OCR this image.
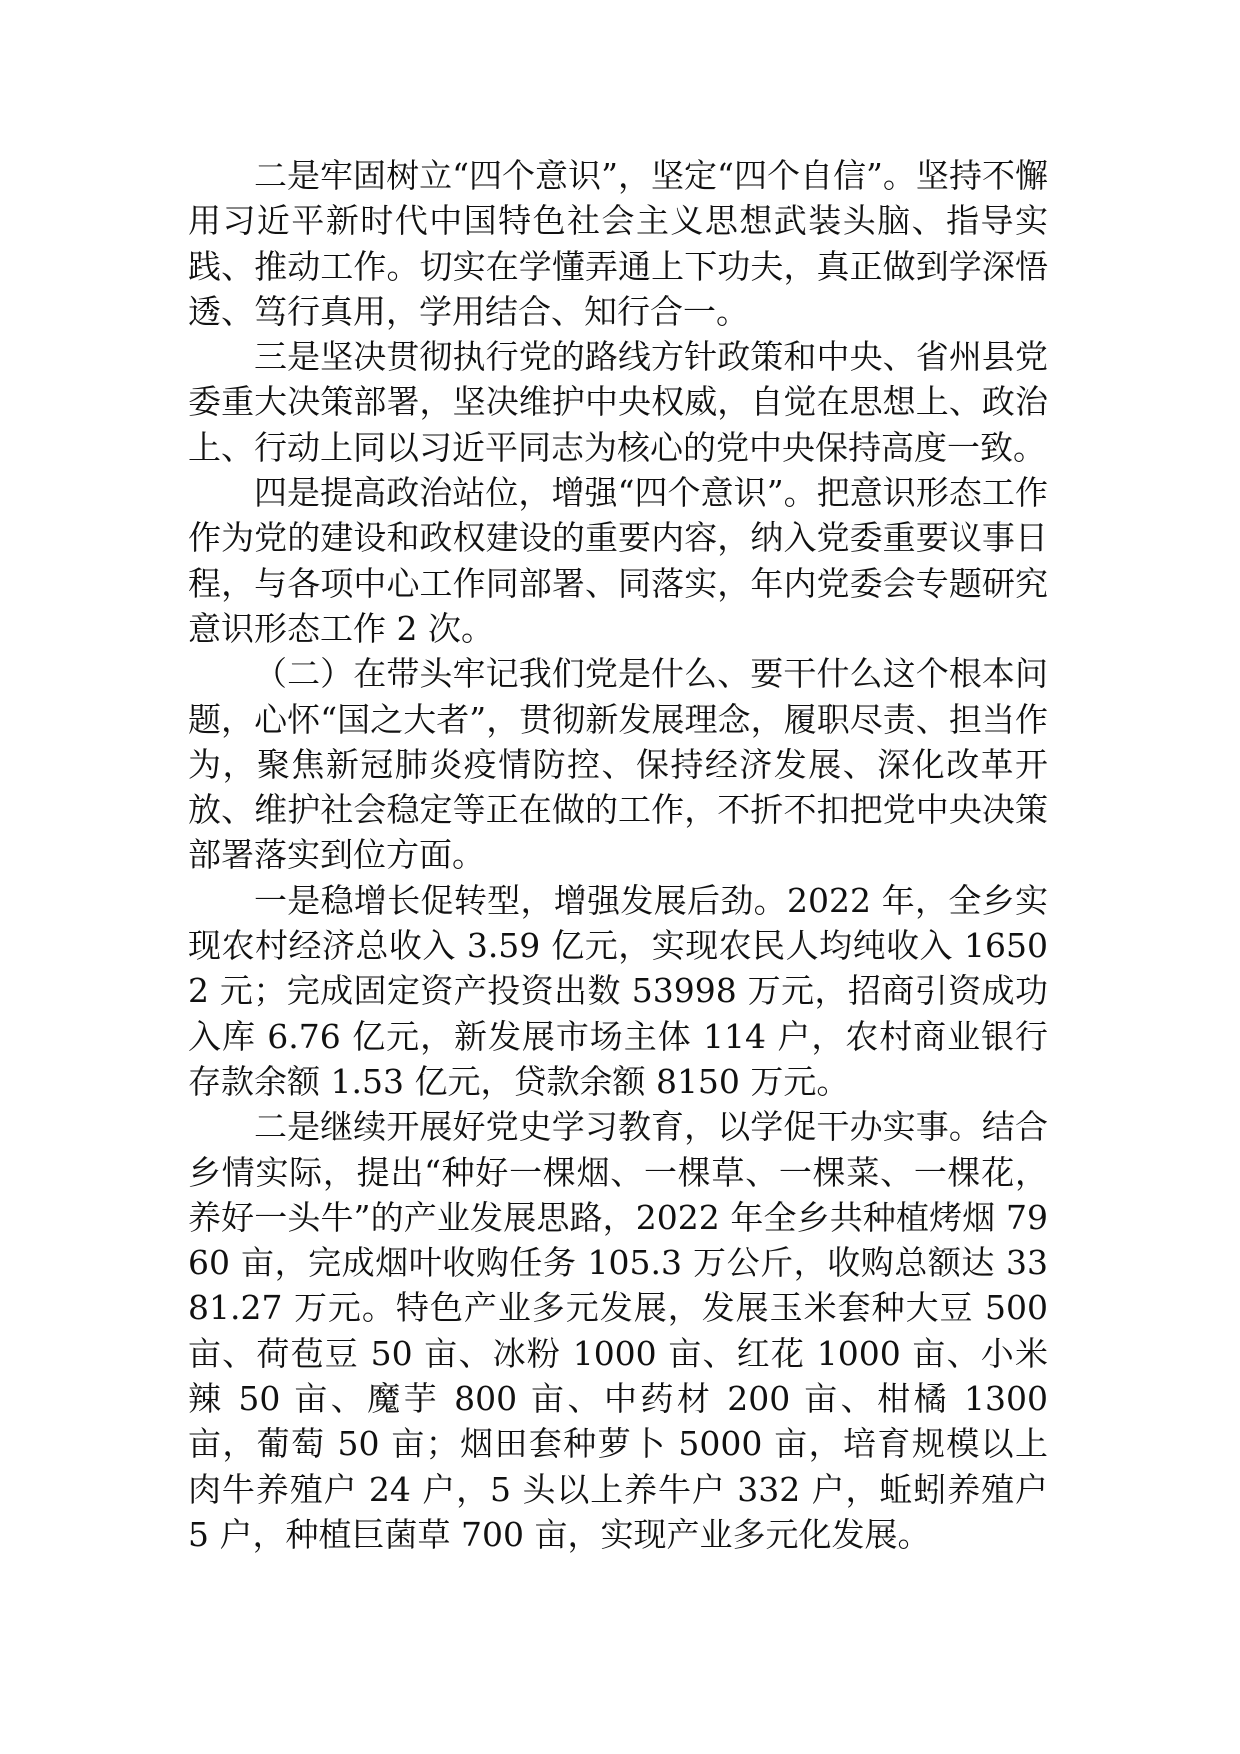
二是牢固树立“四个意识”，坚定“四个自信”。坚持不懈用习近平新时代中国特色社会主义思想武装头脑、指导实践、推动工作。切实在学懂弄通上下功夫，真正做到学深悟透、笃行真用，学用结合、知行合一。

三是坚决贯彻执行党的路线方针政策和中央、省州县党委重大决策部署，坚决维护中央权威，自觉在思想上、政治上、行动上同以习近平同志为核心的党中央保持高度一致。

四是提高政治站位，增强“四个意识”。把意识形态工作作为党的建设和政权建设的重要内容，纳入党委重要议事日程，与各项中心工作同部署、同落实，年内党委会专题研究意识形态工作 2 次。

（二）在带头牢记我们党是什么、要干什么这个根本问题，心怀“国之大者”，贯彻新发展理念，履职尽责、担当作为，聚焦新冠肺炎疫情防控、保持经济发展、深化改革开放、维护社会稳定等正在做的工作，不折不扣把党中央决策部署落实到位方面。

一是稳增长促转型，增强发展后劲。2022 年，全乡实现农村经济总收入 3.59 亿元，实现农民人均纯收入 16502 元；完成固定资产投资出数 53998 万元，招商引资成功入库 6.76 亿元，新发展市场主体 114 户，农村商业银行存款余额 1.53 亿元，贷款余额 8150 万元。

二是继续开展好党史学习教育，以学促干办实事。结合乡情实际，提出“种好一棵烟、一棵草、一棵菜、一棵花，养好一头牛”的产业发展思路，2022 年全乡共种植烤烟 7960 亩，完成烟叶收购任务 105.3 万公斤，收购总额达 3381.27 万元。特色产业多元发展，发展玉米套种大豆 500 亩、荷苞豆 50 亩、冰粉 1000 亩、红花 1000 亩、小米辣 50 亩、魔芋 800 亩、中药材 200 亩、柑橘 1300 亩，葡萄 50 亩；烟田套种萝卜 5000 亩，培育规模以上肉牛养殖户 24 户，5 头以上养牛户 332 户，蚯蚓养殖户 5 户，种植巨菌草 700 亩，实现产业多元化发展。
